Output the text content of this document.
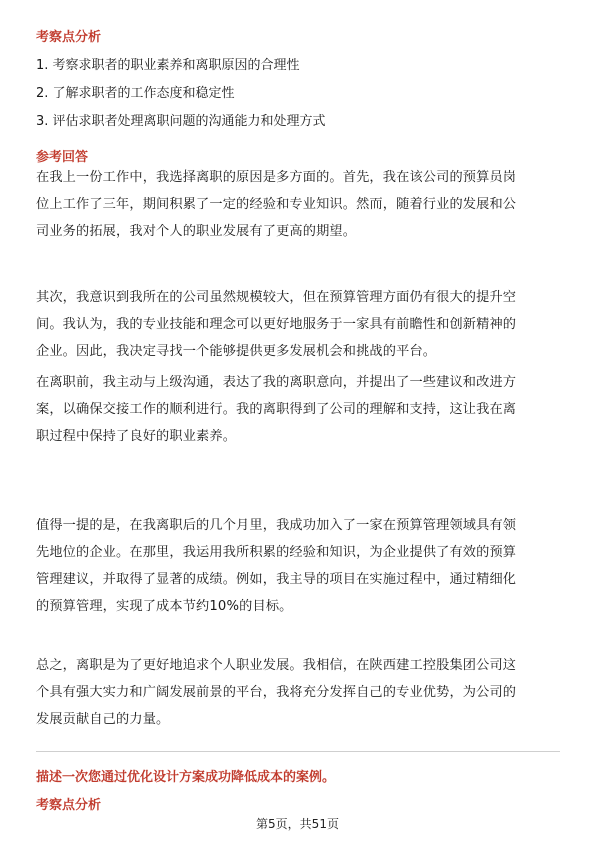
考察点分析
1. 考察求职者的职业素养和离职原因的合理性
2. 了解求职者的工作态度和稳定性
3. 评估求职者处理离职问题的沟通能力和处理方式
参考回答
在我上一份工作中，我选择离职的原因是多方面的。首先，我在该公司的预算员岗
位上工作了三年，期间积累了一定的经验和专业知识。然而，随着行业的发展和公
司业务的拓展，我对个人的职业发展有了更高的期望。
其次，我意识到我所在的公司虽然规模较大，但在预算管理方面仍有很大的提升空
间。我认为，我的专业技能和理念可以更好地服务于一家具有前瞻性和创新精神的
企业。因此，我决定寻找一个能够提供更多发展机会和挑战的平台。
在离职前，我主动与上级沟通，表达了我的离职意向，并提出了一些建议和改进方
案，以确保交接工作的顺利进行。我的离职得到了公司的理解和支持，这让我在离
职过程中保持了良好的职业素养。
值得一提的是，在我离职后的几个月里，我成功加入了一家在预算管理领域具有领
先地位的企业。在那里，我运用我所积累的经验和知识，为企业提供了有效的预算
管理建议，并取得了显著的成绩。例如，我主导的项目在实施过程中，通过精细化
的预算管理，实现了成本节约10%的目标。
总之，离职是为了更好地追求个人职业发展。我相信，在陕西建工控股集团公司这
个具有强大实力和广阔发展前景的平台，我将充分发挥自己的专业优势，为公司的
发展贡献自己的力量。
描述一次您通过优化设计方案成功降低成本的案例。
考察点分析
第5页，共51页
